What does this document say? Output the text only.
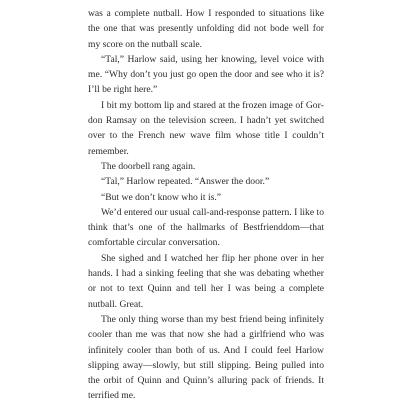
was a complete nutball. How I responded to situations like the one that was presently unfolding did not bode well for my score on the nutball scale.

“Tal,” Harlow said, using her knowing, level voice with me. “Why don’t you just go open the door and see who it is? I’ll be right here.”

I bit my bottom lip and stared at the frozen image of Gordon Ramsay on the television screen. I hadn’t yet switched over to the French new wave film whose title I couldn’t remember.

The doorbell rang again.

“Tal,” Harlow repeated. “Answer the door.”

“But we don’t know who it is.”

We’d entered our usual call-and-response pattern. I like to think that’s one of the hallmarks of Bestfrienddom—that comfortable circular conversation.

She sighed and I watched her flip her phone over in her hands. I had a sinking feeling that she was debating whether or not to text Quinn and tell her I was being a complete nutball. Great.

The only thing worse than my best friend being infinitely cooler than me was that now she had a girlfriend who was infinitely cooler than both of us. And I could feel Harlow slipping away—slowly, but still slipping. Being pulled into the orbit of Quinn and Quinn’s alluring pack of friends. It terrified me.
